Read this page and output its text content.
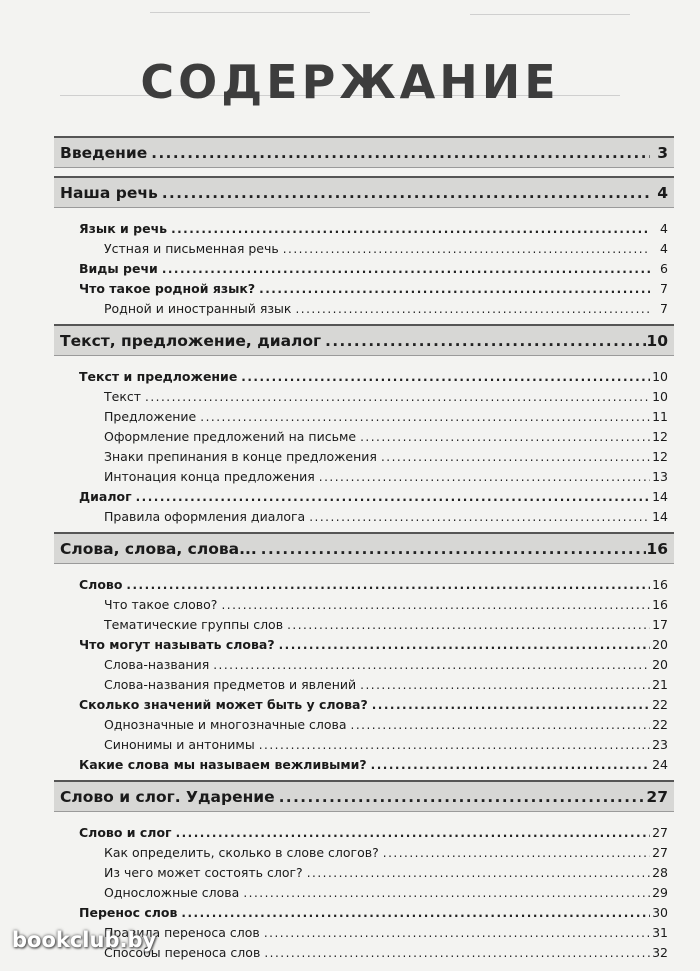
СОДЕРЖАНИЕ
Введение .....	3
Наша речь .....	4
Язык и речь .....	4
Устная и письменная речь .....	4
Виды речи .....	6
Что такое родной язык? .....	7
Родной и иностранный язык .....	7
Текст, предложение, диалог .....	10
Текст и предложение .....	10
Текст .....	10
Предложение .....	11
Оформление предложений на письме .....	12
Знаки препинания в конце предложения .....	12
Интонация конца предложения .....	13
Диалог .....	14
Правила оформления диалога .....	14
Слова, слова, слова... .....	16
Слово .....	16
Что такое слово? .....	16
Тематические группы слов .....	17
Что могут называть слова? .....	20
Слова-названия .....	20
Слова-названия предметов и явлений .....	21
Сколько значений может быть у слова? .....	22
Однозначные и многозначные слова .....	22
Синонимы и антонимы .....	23
Какие слова мы называем вежливыми? .....	24
Слово и слог. Ударение .....	27
Слово и слог .....	27
Как определить, сколько в слове слогов? .....	27
Из чего может состоять слог? .....	28
Односложные слова .....	29
Перенос слов .....	30
Правила переноса слов .....	31
Способы переноса слов .....	32
bookclub.by
